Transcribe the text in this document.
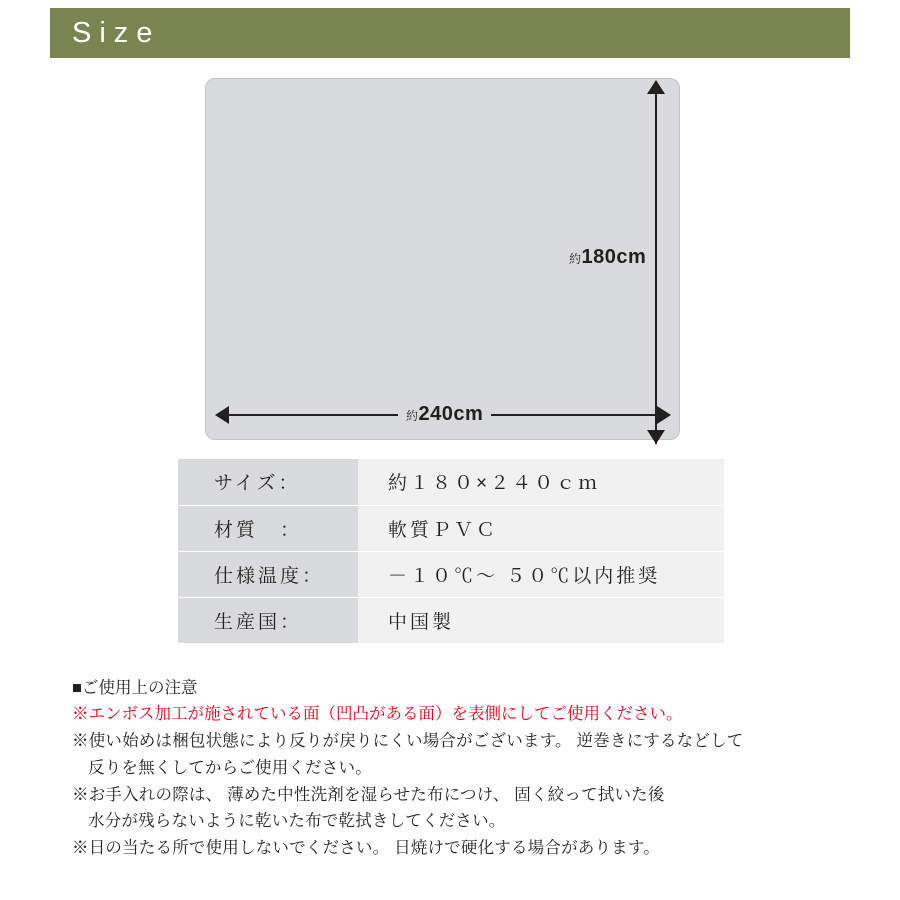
Size
約180cm
約240cm
サイズ：	約１８０×２４０ｃｍ
材質　：	軟質ＰＶＣ
仕様温度：	－１０℃～ ５０℃以内推奨
生産国：	中国製
■ご使用上の注意
※エンボス加工が施されている面（凹凸がある面）を表側にしてご使用ください。
※使い始めは梱包状態により反りが戻りにくい場合がございます。 逆巻きにするなどして
反りを無くしてからご使用ください。
※お手入れの際は、 薄めた中性洗剤を湿らせた布につけ、 固く絞って拭いた後
水分が残らないように乾いた布で乾拭きしてください。
※日の当たる所で使用しないでください。 日焼けで硬化する場合があります。
